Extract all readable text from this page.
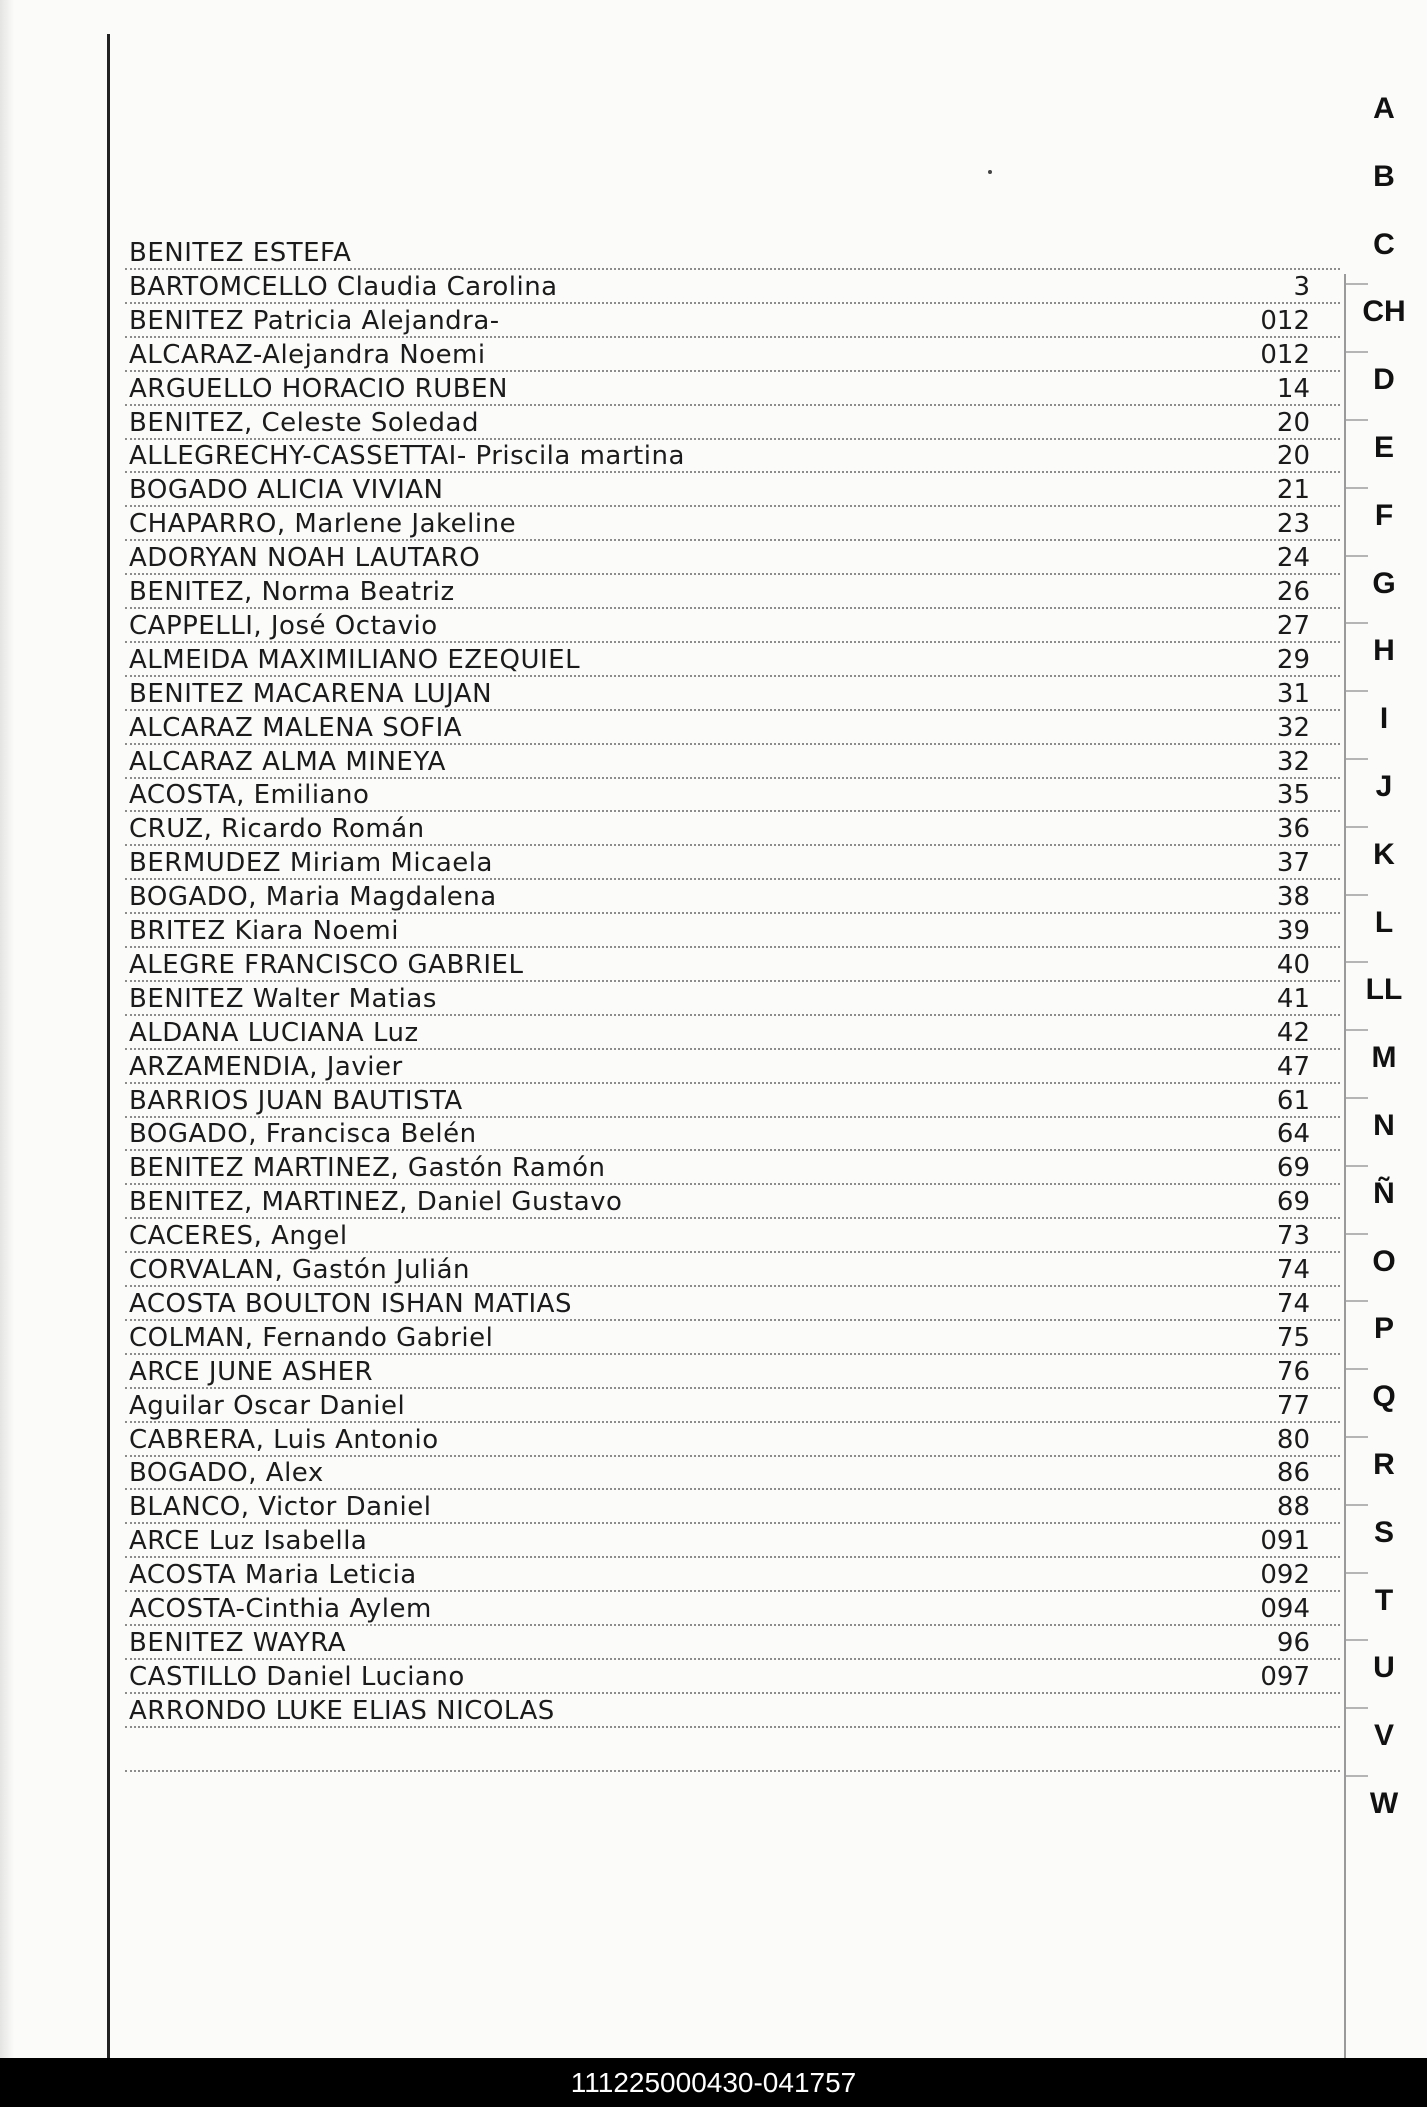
BENITEZ ESTEFA
BARTOMCELLO Claudia Carolina	3
BENITEZ Patricia Alejandra-	012
ALCARAZ-Alejandra Noemi	012
ARGUELLO HORACIO RUBEN	14
BENITEZ, Celeste Soledad	20
ALLEGRECHY-CASSETTAI- Priscila martina	20
BOGADO ALICIA VIVIAN	21
CHAPARRO, Marlene Jakeline	23
ADORYAN NOAH LAUTARO	24
BENITEZ, Norma Beatriz	26
CAPPELLI, José Octavio	27
ALMEIDA MAXIMILIANO EZEQUIEL	29
BENITEZ MACARENA LUJAN	31
ALCARAZ MALENA SOFIA	32
ALCARAZ ALMA MINEYA	32
ACOSTA, Emiliano	35
CRUZ, Ricardo Román	36
BERMUDEZ Miriam Micaela	37
BOGADO, Maria Magdalena	38
BRITEZ Kiara Noemi	39
ALEGRE FRANCISCO GABRIEL	40
BENITEZ Walter Matias	41
ALDANA LUCIANA Luz	42
ARZAMENDIA, Javier	47
BARRIOS JUAN BAUTISTA	61
BOGADO, Francisca Belén	64
BENITEZ MARTINEZ, Gastón Ramón	69
BENITEZ, MARTINEZ, Daniel Gustavo	69
CACERES, Angel	73
CORVALAN, Gastón Julián	74
ACOSTA BOULTON ISHAN MATIAS	74
COLMAN, Fernando Gabriel	75
ARCE JUNE ASHER	76
Aguilar Oscar Daniel	77
CABRERA, Luis Antonio	80
BOGADO, Alex	86
BLANCO, Victor Daniel	88
ARCE Luz Isabella	091
ACOSTA Maria Leticia	092
ACOSTA-Cinthia Aylem	094
BENITEZ WAYRA	96
CASTILLO Daniel Luciano	097
ARRONDO LUKE ELIAS NICOLAS
A
B
C
CH
D
E
F
G
H
I
J
K
L
LL
M
N
Ñ
O
P
Q
R
S
T
U
V
W
111225000430-041757
